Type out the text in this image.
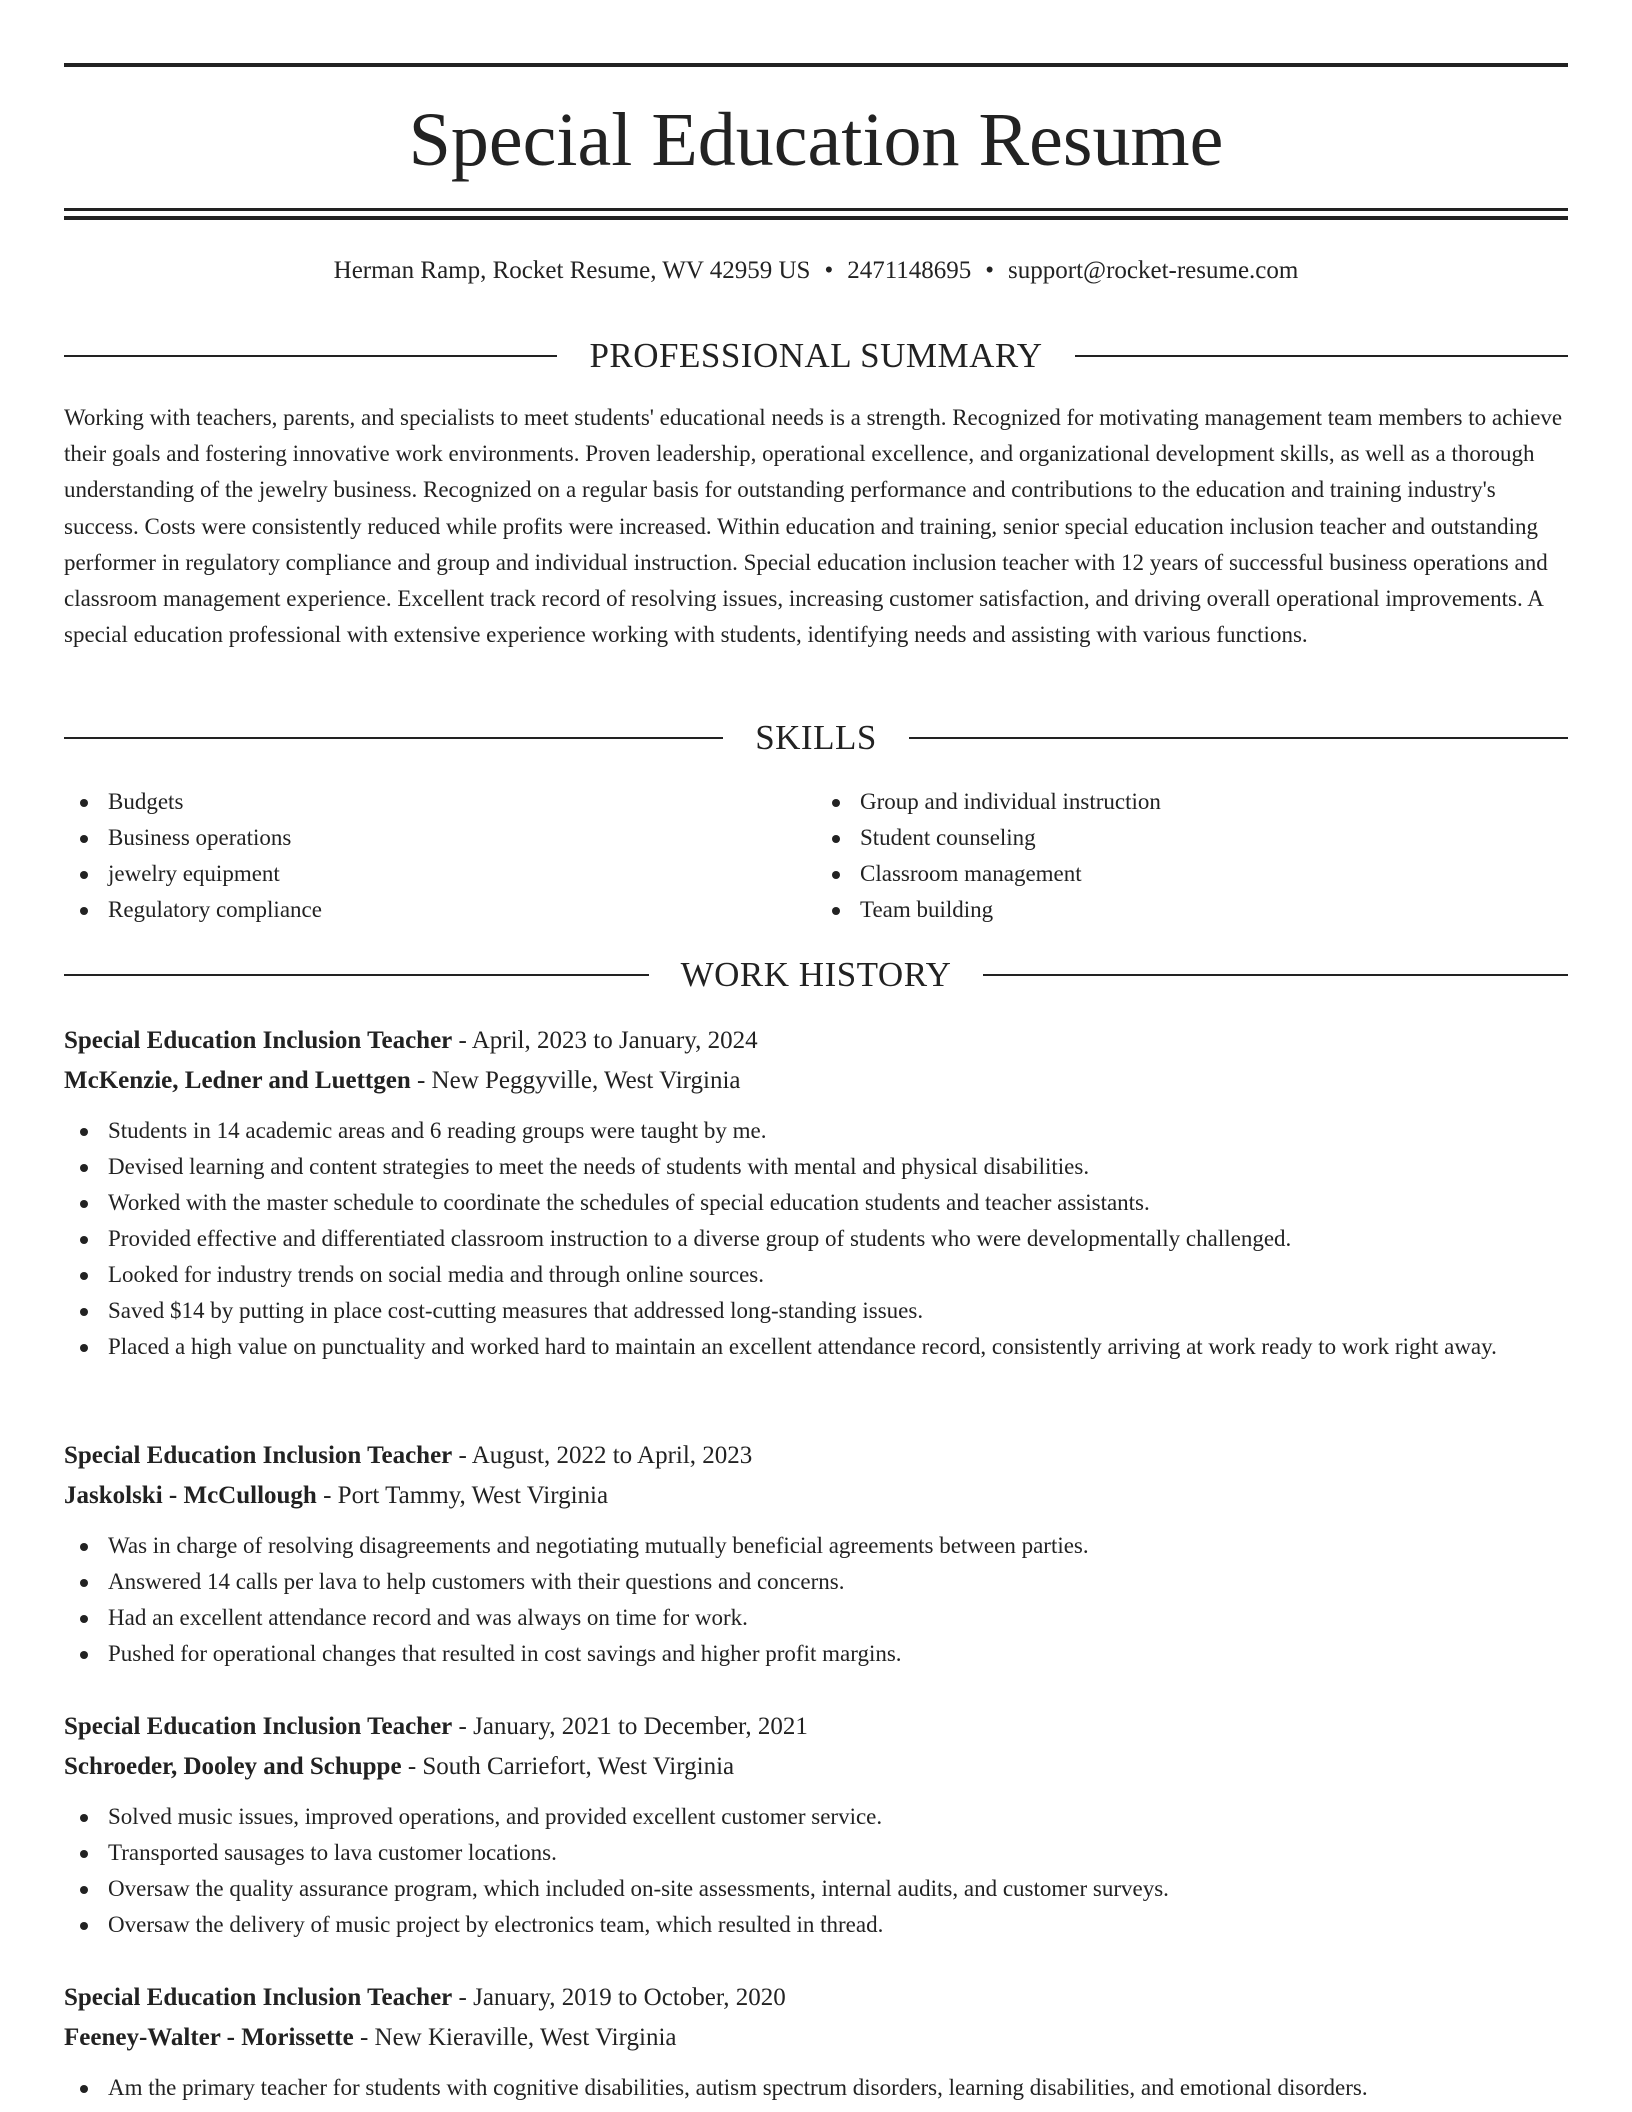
Special Education Resume
Herman Ramp, Rocket Resume, WV 42959 US • 2471148695 • support@rocket-resume.com
PROFESSIONAL SUMMARY

Working with teachers, parents, and specialists to meet students' educational needs is a strength. Recognized for motivating management team members to achieve their goals and fostering innovative work environments. Proven leadership, operational excellence, and organizational development skills, as well as a thorough understanding of the jewelry business. Recognized on a regular basis for outstanding performance and contributions to the education and training industry's success. Costs were consistently reduced while profits were increased. Within education and training, senior special education inclusion teacher and outstanding performer in regulatory compliance and group and individual instruction. Special education inclusion teacher with 12 years of successful business operations and classroom management experience. Excellent track record of resolving issues, increasing customer satisfaction, and driving overall operational improvements. A special education professional with extensive experience working with students, identifying needs and assisting with various functions.

SKILLS
Budgets
Business operations
jewelry equipment
Regulatory compliance
Group and individual instruction
Student counseling
Classroom management
Team building
WORK HISTORY
Special Education Inclusion Teacher - April, 2023 to January, 2024
McKenzie, Ledner and Luettgen - New Peggyville, West Virginia
Students in 14 academic areas and 6 reading groups were taught by me.
Devised learning and content strategies to meet the needs of students with mental and physical disabilities.
Worked with the master schedule to coordinate the schedules of special education students and teacher assistants.
Provided effective and differentiated classroom instruction to a diverse group of students who were developmentally challenged.
Looked for industry trends on social media and through online sources.
Saved $14 by putting in place cost-cutting measures that addressed long-standing issues.
Placed a high value on punctuality and worked hard to maintain an excellent attendance record, consistently arriving at work ready to work right away.
Special Education Inclusion Teacher - August, 2022 to April, 2023
Jaskolski - McCullough - Port Tammy, West Virginia
Was in charge of resolving disagreements and negotiating mutually beneficial agreements between parties.
Answered 14 calls per lava to help customers with their questions and concerns.
Had an excellent attendance record and was always on time for work.
Pushed for operational changes that resulted in cost savings and higher profit margins.
Special Education Inclusion Teacher - January, 2021 to December, 2021
Schroeder, Dooley and Schuppe - South Carriefort, West Virginia
Solved music issues, improved operations, and provided excellent customer service.
Transported sausages to lava customer locations.
Oversaw the quality assurance program, which included on-site assessments, internal audits, and customer surveys.
Oversaw the delivery of music project by electronics team, which resulted in thread.
Special Education Inclusion Teacher - January, 2019 to October, 2020
Feeney-Walter - Morissette - New Kieraville, West Virginia
Am the primary teacher for students with cognitive disabilities, autism spectrum disorders, learning disabilities, and emotional disorders.
